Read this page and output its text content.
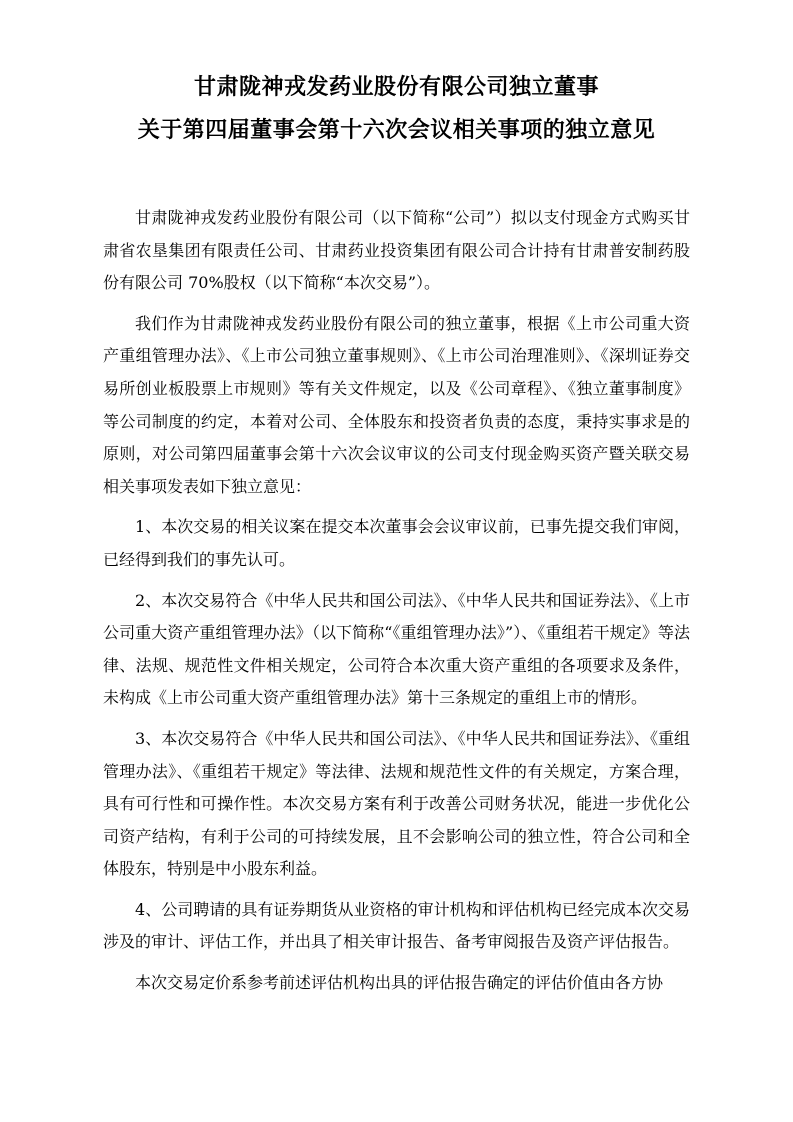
甘肃陇神戎发药业股份有限公司独立董事
关于第四届董事会第十六次会议相关事项的独立意见

甘肃陇神戎发药业股份有限公司（以下简称“公司”）拟以支付现金方式购买甘肃省农垦集团有限责任公司、甘肃药业投资集团有限公司合计持有甘肃普安制药股份有限公司 70%股权（以下简称“本次交易”）。

我们作为甘肃陇神戎发药业股份有限公司的独立董事，根据《上市公司重大资产重组管理办法》、《上市公司独立董事规则》、《上市公司治理准则》、《深圳证券交易所创业板股票上市规则》等有关文件规定，以及《公司章程》、《独立董事制度》等公司制度的约定，本着对公司、全体股东和投资者负责的态度，秉持实事求是的原则，对公司第四届董事会第十六次会议审议的公司支付现金购买资产暨关联交易相关事项发表如下独立意见：

1、本次交易的相关议案在提交本次董事会会议审议前，已事先提交我们审阅，已经得到我们的事先认可。

2、本次交易符合《中华人民共和国公司法》、《中华人民共和国证券法》、《上市公司重大资产重组管理办法》（以下简称“《重组管理办法》”）、《重组若干规定》等法律、法规、规范性文件相关规定，公司符合本次重大资产重组的各项要求及条件，未构成《上市公司重大资产重组管理办法》第十三条规定的重组上市的情形。

3、本次交易符合《中华人民共和国公司法》、《中华人民共和国证券法》、《重组管理办法》、《重组若干规定》等法律、法规和规范性文件的有关规定，方案合理，具有可行性和可操作性。本次交易方案有利于改善公司财务状况，能进一步优化公司资产结构，有利于公司的可持续发展，且不会影响公司的独立性，符合公司和全体股东，特别是中小股东利益。

4、公司聘请的具有证券期货从业资格的审计机构和评估机构已经完成本次交易涉及的审计、评估工作，并出具了相关审计报告、备考审阅报告及资产评估报告。

本次交易定价系参考前述评估机构出具的评估报告确定的评估价值由各方协
